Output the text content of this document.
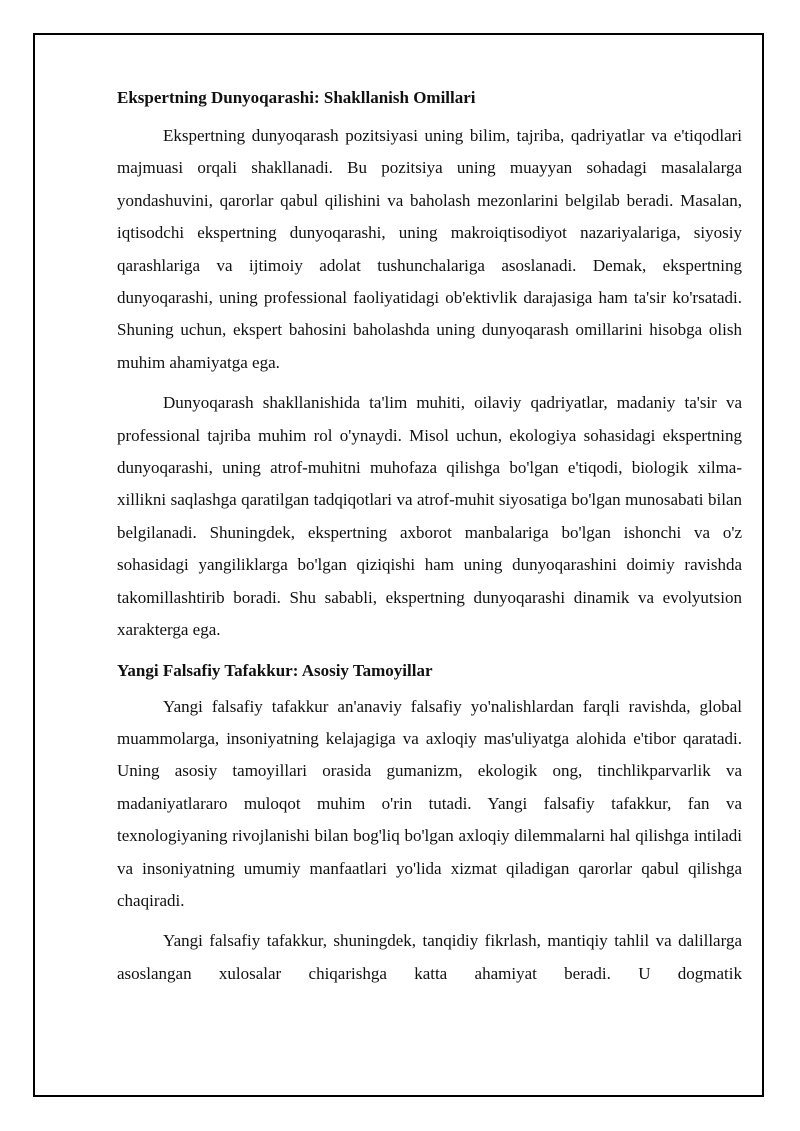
Ekspertning Dunyoqarashi: Shakllanish Omillari

Ekspertning dunyoqarash pozitsiyasi uning bilim, tajriba, qadriyatlar va e'tiqodlari majmuasi orqali shakllanadi. Bu pozitsiya uning muayyan sohadagi masalalarga yondashuvini, qarorlar qabul qilishini va baholash mezonlarini belgilab beradi. Masalan, iqtisodchi ekspertning dunyoqarashi, uning makroiqtisodiyot nazariyalariga, siyosiy qarashlariga va ijtimoiy adolat tushunchalariga asoslanadi. Demak, ekspertning dunyoqarashi, uning professional faoliyatidagi ob'ektivlik darajasiga ham ta'sir ko'rsatadi. Shuning uchun, ekspert bahosini baholashda uning dunyoqarash omillarini hisobga olish muhim ahamiyatga ega.

Dunyoqarash shakllanishida ta'lim muhiti, oilaviy qadriyatlar, madaniy ta'sir va professional tajriba muhim rol o'ynaydi. Misol uchun, ekologiya sohasidagi ekspertning dunyoqarashi, uning atrof-muhitni muhofaza qilishga bo'lgan e'tiqodi, biologik xilma-xillikni saqlashga qaratilgan tadqiqotlari va atrof-muhit siyosatiga bo'lgan munosabati bilan belgilanadi. Shuningdek, ekspertning axborot manbalariga bo'lgan ishonchi va o'z sohasidagi yangiliklarga bo'lgan qiziqishi ham uning dunyoqarashini doimiy ravishda takomillashtirib boradi. Shu sababli, ekspertning dunyoqarashi dinamik va evolyutsion xarakterga ega.

Yangi Falsafiy Tafakkur: Asosiy Tamoyillar

Yangi falsafiy tafakkur an'anaviy falsafiy yo'nalishlardan farqli ravishda, global muammolarga, insoniyatning kelajagiga va axloqiy mas'uliyatga alohida e'tibor qaratadi. Uning asosiy tamoyillari orasida gumanizm, ekologik ong, tinchlikparvarlik va madaniyatlararo muloqot muhim o'rin tutadi. Yangi falsafiy tafakkur, fan va texnologiyaning rivojlanishi bilan bog'liq bo'lgan axloqiy dilemmalarni hal qilishga intiladi va insoniyatning umumiy manfaatlari yo'lida xizmat qiladigan qarorlar qabul qilishga chaqiradi.

Yangi falsafiy tafakkur, shuningdek, tanqidiy fikrlash, mantiqiy tahlil va dalillarga asoslangan xulosalar chiqarishga katta ahamiyat beradi. U dogmatik
